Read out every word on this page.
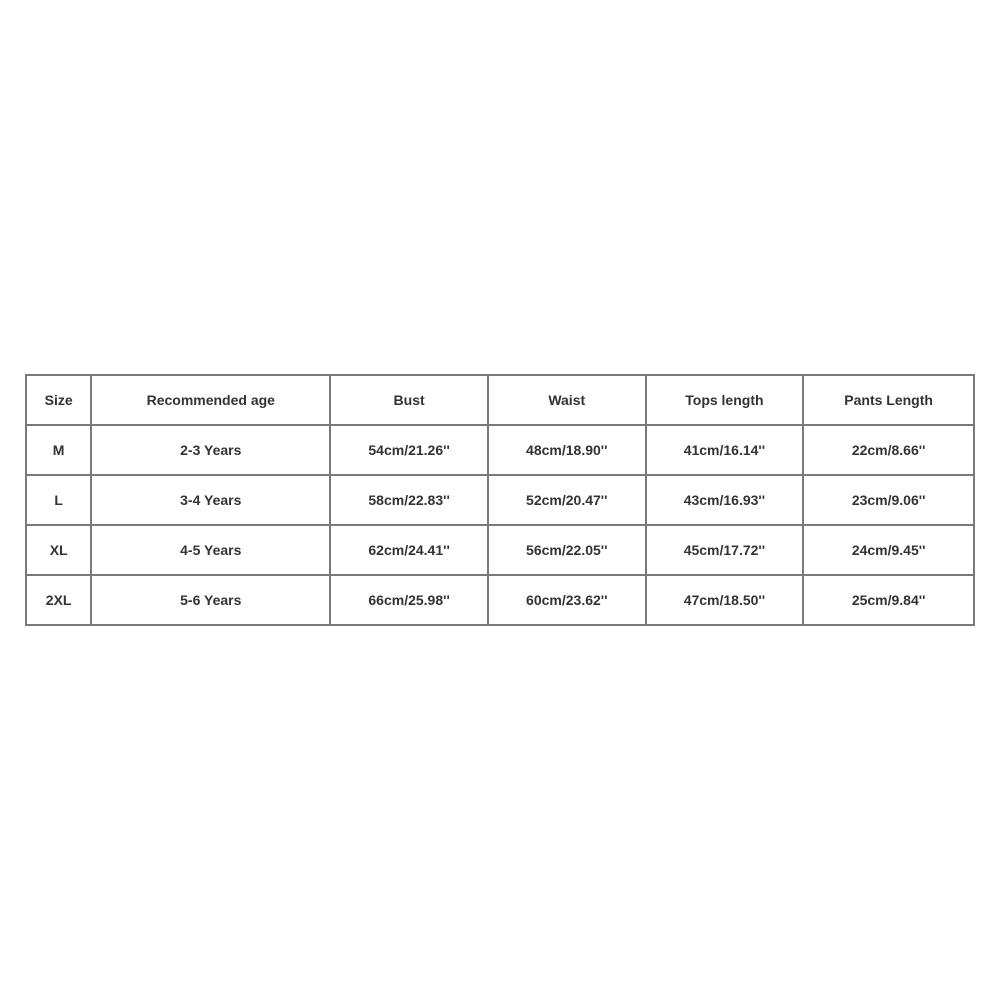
Size	Recommended age	Bust	Waist	Tops length	Pants Length
M	2-3 Years	54cm/21.26''	48cm/18.90''	41cm/16.14''	22cm/8.66''
L	3-4 Years	58cm/22.83''	52cm/20.47''	43cm/16.93''	23cm/9.06''
XL	4-5 Years	62cm/24.41''	56cm/22.05''	45cm/17.72''	24cm/9.45''
2XL	5-6 Years	66cm/25.98''	60cm/23.62''	47cm/18.50''	25cm/9.84''
